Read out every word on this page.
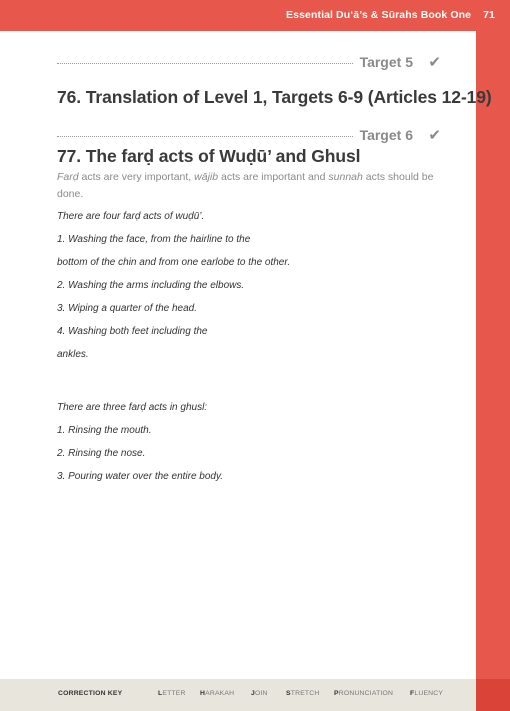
Essential Du‘ā’s & Sūrahs Book One 71
Target 5 ✔
76. Translation of Level 1, Targets 6-9 (Articles 12-19)
Target 6 ✔
77. The farḍ acts of Wuḍū’ and Ghusl
Farḍ acts are very important, wājib acts are important and sunnah acts should be done.
There are four farḍ acts of wuḍū’.
1. Washing the face, from the hairline to the
bottom of the chin and from one earlobe to the other.
2. Washing the arms including the elbows.
3. Wiping a quarter of the head.
4. Washing both feet including the
ankles.
There are three farḍ acts in ghusl:
1. Rinsing the mouth.
2. Rinsing the nose.
3. Pouring water over the entire body.
CORRECTION KEY	LETTER HARAKAH JOIN	STRETCH PRONUNCIATION FLUENCY
